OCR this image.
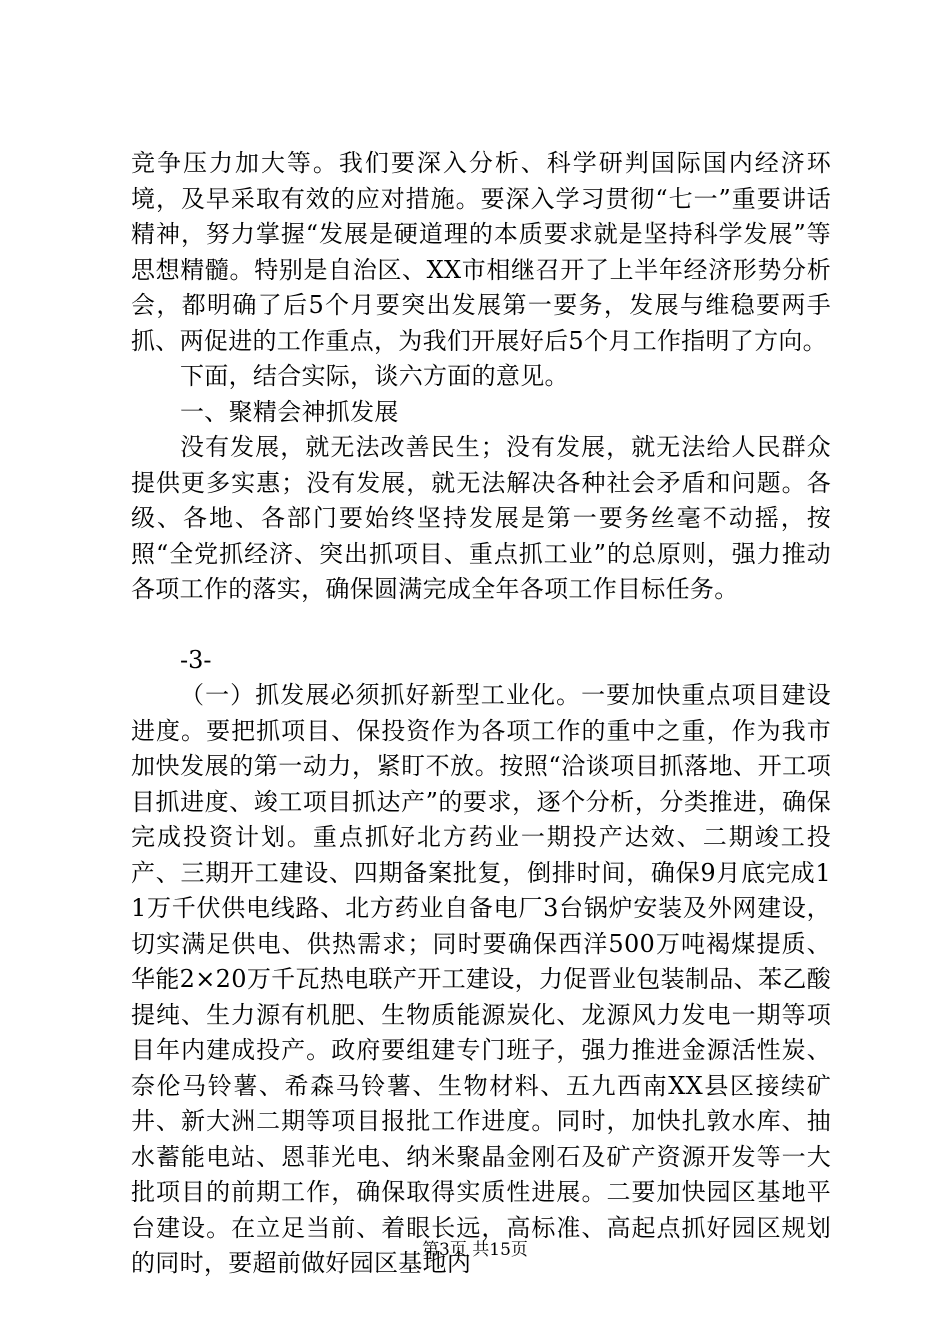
竞争压力加大等。我们要深入分析、科学研判国际国内经济环境，及早采取有效的应对措施。要深入学习贯彻“七一”重要讲话精神，努力掌握“发展是硬道理的本质要求就是坚持科学发展”等思想精髓。特别是自治区、XX市相继召开了上半年经济形势分析会，都明确了后5个月要突出发展第一要务，发展与维稳要两手抓、两促进的工作重点，为我们开展好后5个月工作指明了方向。

下面，结合实际，谈六方面的意见。

一、聚精会神抓发展

没有发展，就无法改善民生；没有发展，就无法给人民群众提供更多实惠；没有发展，就无法解决各种社会矛盾和问题。各级、各地、各部门要始终坚持发展是第一要务丝毫不动摇，按照“全党抓经济、突出抓项目、重点抓工业”的总原则，强力推动各项工作的落实，确保圆满完成全年各项工作目标任务。

-3-

（一）抓发展必须抓好新型工业化。一要加快重点项目建设进度。要把抓项目、保投资作为各项工作的重中之重，作为我市加快发展的第一动力，紧盯不放。按照“洽谈项目抓落地、开工项目抓进度、竣工项目抓达产”的要求，逐个分析，分类推进，确保完成投资计划。重点抓好北方药业一期投产达效、二期竣工投产、三期开工建设、四期备案批复，倒排时间，确保9月底完成11万千伏供电线路、北方药业自备电厂3台锅炉安装及外网建设，切实满足供电、供热需求；同时要确保西洋500万吨褐煤提质、华能2×20万千瓦热电联产开工建设，力促晋业包装制品、苯乙酸提纯、生力源有机肥、生物质能源炭化、龙源风力发电一期等项目年内建成投产。政府要组建专门班子，强力推进金源活性炭、奈伦马铃薯、希森马铃薯、生物材料、五九西南XX县区接续矿井、新大洲二期等项目报批工作进度。同时，加快扎敦水库、抽水蓄能电站、恩菲光电、纳米聚晶金刚石及矿产资源开发等一大批项目的前期工作，确保取得实质性进展。二要加快园区基地平台建设。在立足当前、着眼长远，高标准、高起点抓好园区规划的同时，要超前做好园区基地内

第3页 共15页
